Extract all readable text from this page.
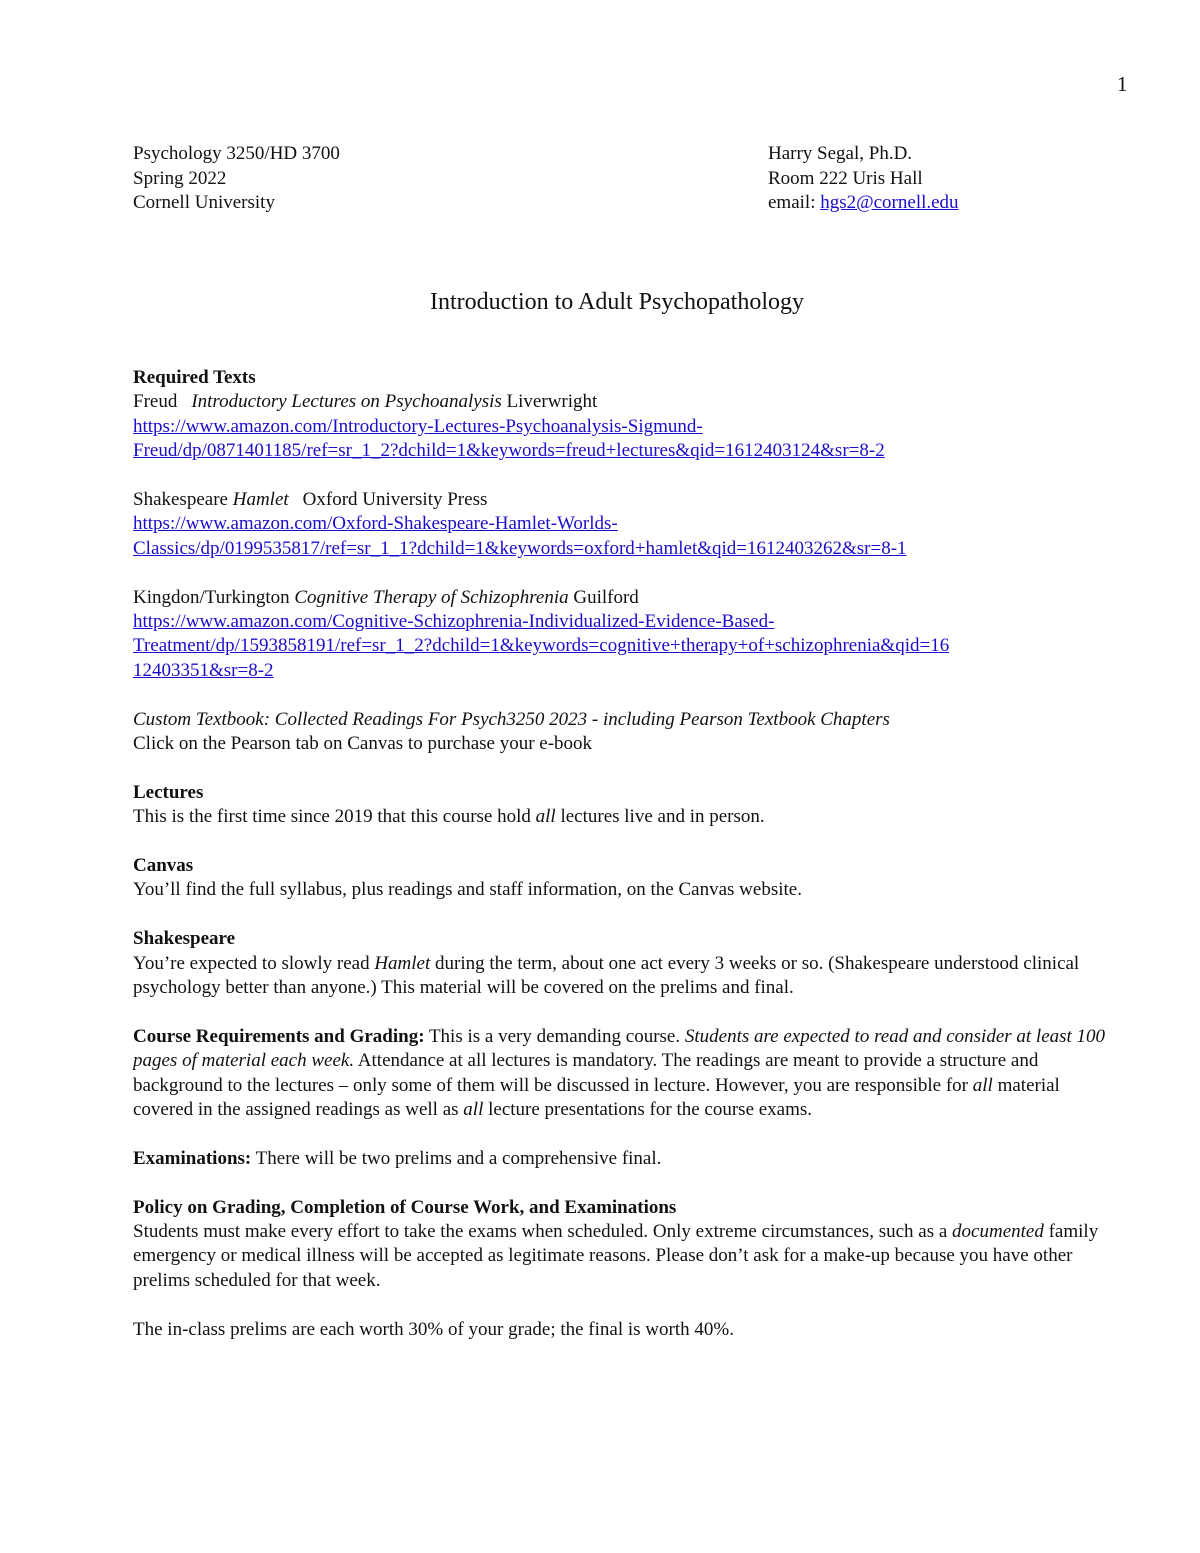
1
Psychology 3250/HD 3700
Spring 2022
Cornell University
Harry Segal, Ph.D.
Room 222 Uris Hall
email: hgs2@cornell.edu
Introduction to Adult Psychopathology
Required Texts

Freud Introductory Lectures on Psychoanalysis Liverwright
https://www.amazon.com/Introductory-Lectures-Psychoanalysis-Sigmund-
Freud/dp/0871401185/ref=sr_1_2?dchild=1&keywords=freud+lectures&qid=1612403124&sr=8-2

Shakespeare Hamlet Oxford University Press
https://www.amazon.com/Oxford-Shakespeare-Hamlet-Worlds-
Classics/dp/0199535817/ref=sr_1_1?dchild=1&keywords=oxford+hamlet&qid=1612403262&sr=8-1

Kingdon/Turkington Cognitive Therapy of Schizophrenia Guilford
https://www.amazon.com/Cognitive-Schizophrenia-Individualized-Evidence-Based-
Treatment/dp/1593858191/ref=sr_1_2?dchild=1&keywords=cognitive+therapy+of+schizophrenia&qid=16
12403351&sr=8-2

Custom Textbook: Collected Readings For Psych3250 2023 - including Pearson Textbook Chapters
Click on the Pearson tab on Canvas to purchase your e-book

Lectures

This is the first time since 2019 that this course hold all lectures live and in person.

Canvas

You’ll find the full syllabus, plus readings and staff information, on the Canvas website.

Shakespeare

You’re expected to slowly read Hamlet during the term, about one act every 3 weeks or so. (Shakespeare understood clinical psychology better than anyone.) This material will be covered on the prelims and final.

Course Requirements and Grading: This is a very demanding course. Students are expected to read and consider at least 100 pages of material each week. Attendance at all lectures is mandatory. The readings are meant to provide a structure and background to the lectures – only some of them will be discussed in lecture. However, you are responsible for all material covered in the assigned readings as well as all lecture presentations for the course exams.

Examinations: There will be two prelims and a comprehensive final.

Policy on Grading, Completion of Course Work, and Examinations

Students must make every effort to take the exams when scheduled. Only extreme circumstances, such as a documented family emergency or medical illness will be accepted as legitimate reasons. Please don’t ask for a make-up because you have other prelims scheduled for that week.

The in-class prelims are each worth 30% of your grade; the final is worth 40%.
